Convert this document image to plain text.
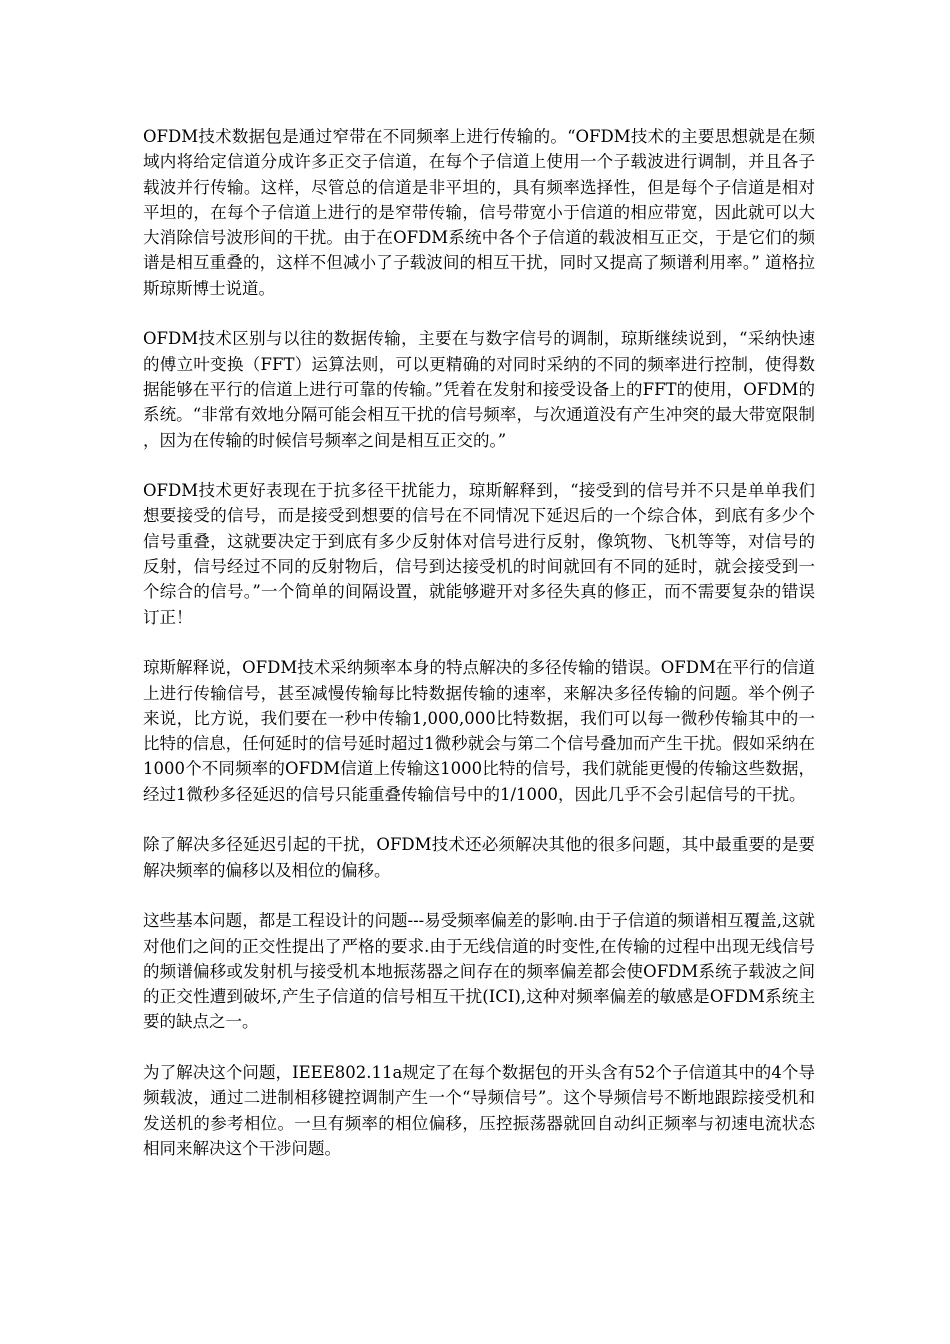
OFDM技术数据包是通过窄带在不同频率上进行传输的。“OFDM技术的主要思想就是在频域内将给定信道分成许多正交子信道，在每个子信道上使用一个子载波进行调制，并且各子载波并行传输。这样，尽管总的信道是非平坦的，具有频率选择性，但是每个子信道是相对平坦的，在每个子信道上进行的是窄带传输，信号带宽小于信道的相应带宽，因此就可以大大消除信号波形间的干扰。由于在OFDM系统中各个子信道的载波相互正交，于是它们的频谱是相互重叠的，这样不但减小了子载波间的相互干扰，同时又提高了频谱利用率。” 道格拉斯琼斯博士说道。

OFDM技术区别与以往的数据传输，主要在与数字信号的调制，琼斯继续说到，“采纳快速的傅立叶变换（FFT）运算法则，可以更精确的对同时采纳的不同的频率进行控制，使得数据能够在平行的信道上进行可靠的传输。”凭着在发射和接受设备上的FFT的使用，OFDM的系统。“非常有效地分隔可能会相互干扰的信号频率，与次通道没有产生冲突的最大带宽限制，因为在传输的时候信号频率之间是相互正交的。”

OFDM技术更好表现在于抗多径干扰能力，琼斯解释到，“接受到的信号并不只是单单我们想要接受的信号，而是接受到想要的信号在不同情况下延迟后的一个综合体，到底有多少个信号重叠，这就要决定于到底有多少反射体对信号进行反射，像筑物、飞机等等，对信号的反射，信号经过不同的反射物后，信号到达接受机的时间就回有不同的延时，就会接受到一个综合的信号。”一个简单的间隔设置，就能够避开对多径失真的修正，而不需要复杂的错误订正！

琼斯解释说，OFDM技术采纳频率本身的特点解决的多径传输的错误。OFDM在平行的信道上进行传输信号，甚至减慢传输每比特数据传输的速率，来解决多径传输的问题。举个例子来说，比方说，我们要在一秒中传输1,000,000比特数据，我们可以每一微秒传输其中的一比特的信息，任何延时的信号延时超过1微秒就会与第二个信号叠加而产生干扰。假如采纳在1000个不同频率的OFDM信道上传输这1000比特的信号，我们就能更慢的传输这些数据，经过1微秒多径延迟的信号只能重叠传输信号中的1/1000，因此几乎不会引起信号的干扰。

除了解决多径延迟引起的干扰，OFDM技术还必须解决其他的很多问题，其中最重要的是要解决频率的偏移以及相位的偏移。

这些基本问题，都是工程设计的问题---易受频率偏差的影响.由于子信道的频谱相互覆盖,这就对他们之间的正交性提出了严格的要求.由于无线信道的时变性,在传输的过程中出现无线信号的频谱偏移或发射机与接受机本地振荡器之间存在的频率偏差都会使OFDM系统子载波之间的正交性遭到破坏,产生子信道的信号相互干扰(ICI),这种对频率偏差的敏感是OFDM系统主要的缺点之一。

为了解决这个问题，IEEE802.11a规定了在每个数据包的开头含有52个子信道其中的4个导频载波，通过二进制相移键控调制产生一个“导频信号”。这个导频信号不断地跟踪接受机和发送机的参考相位。一旦有频率的相位偏移，压控振荡器就回自动纠正频率与初速电流状态相同来解决这个干涉问题。
